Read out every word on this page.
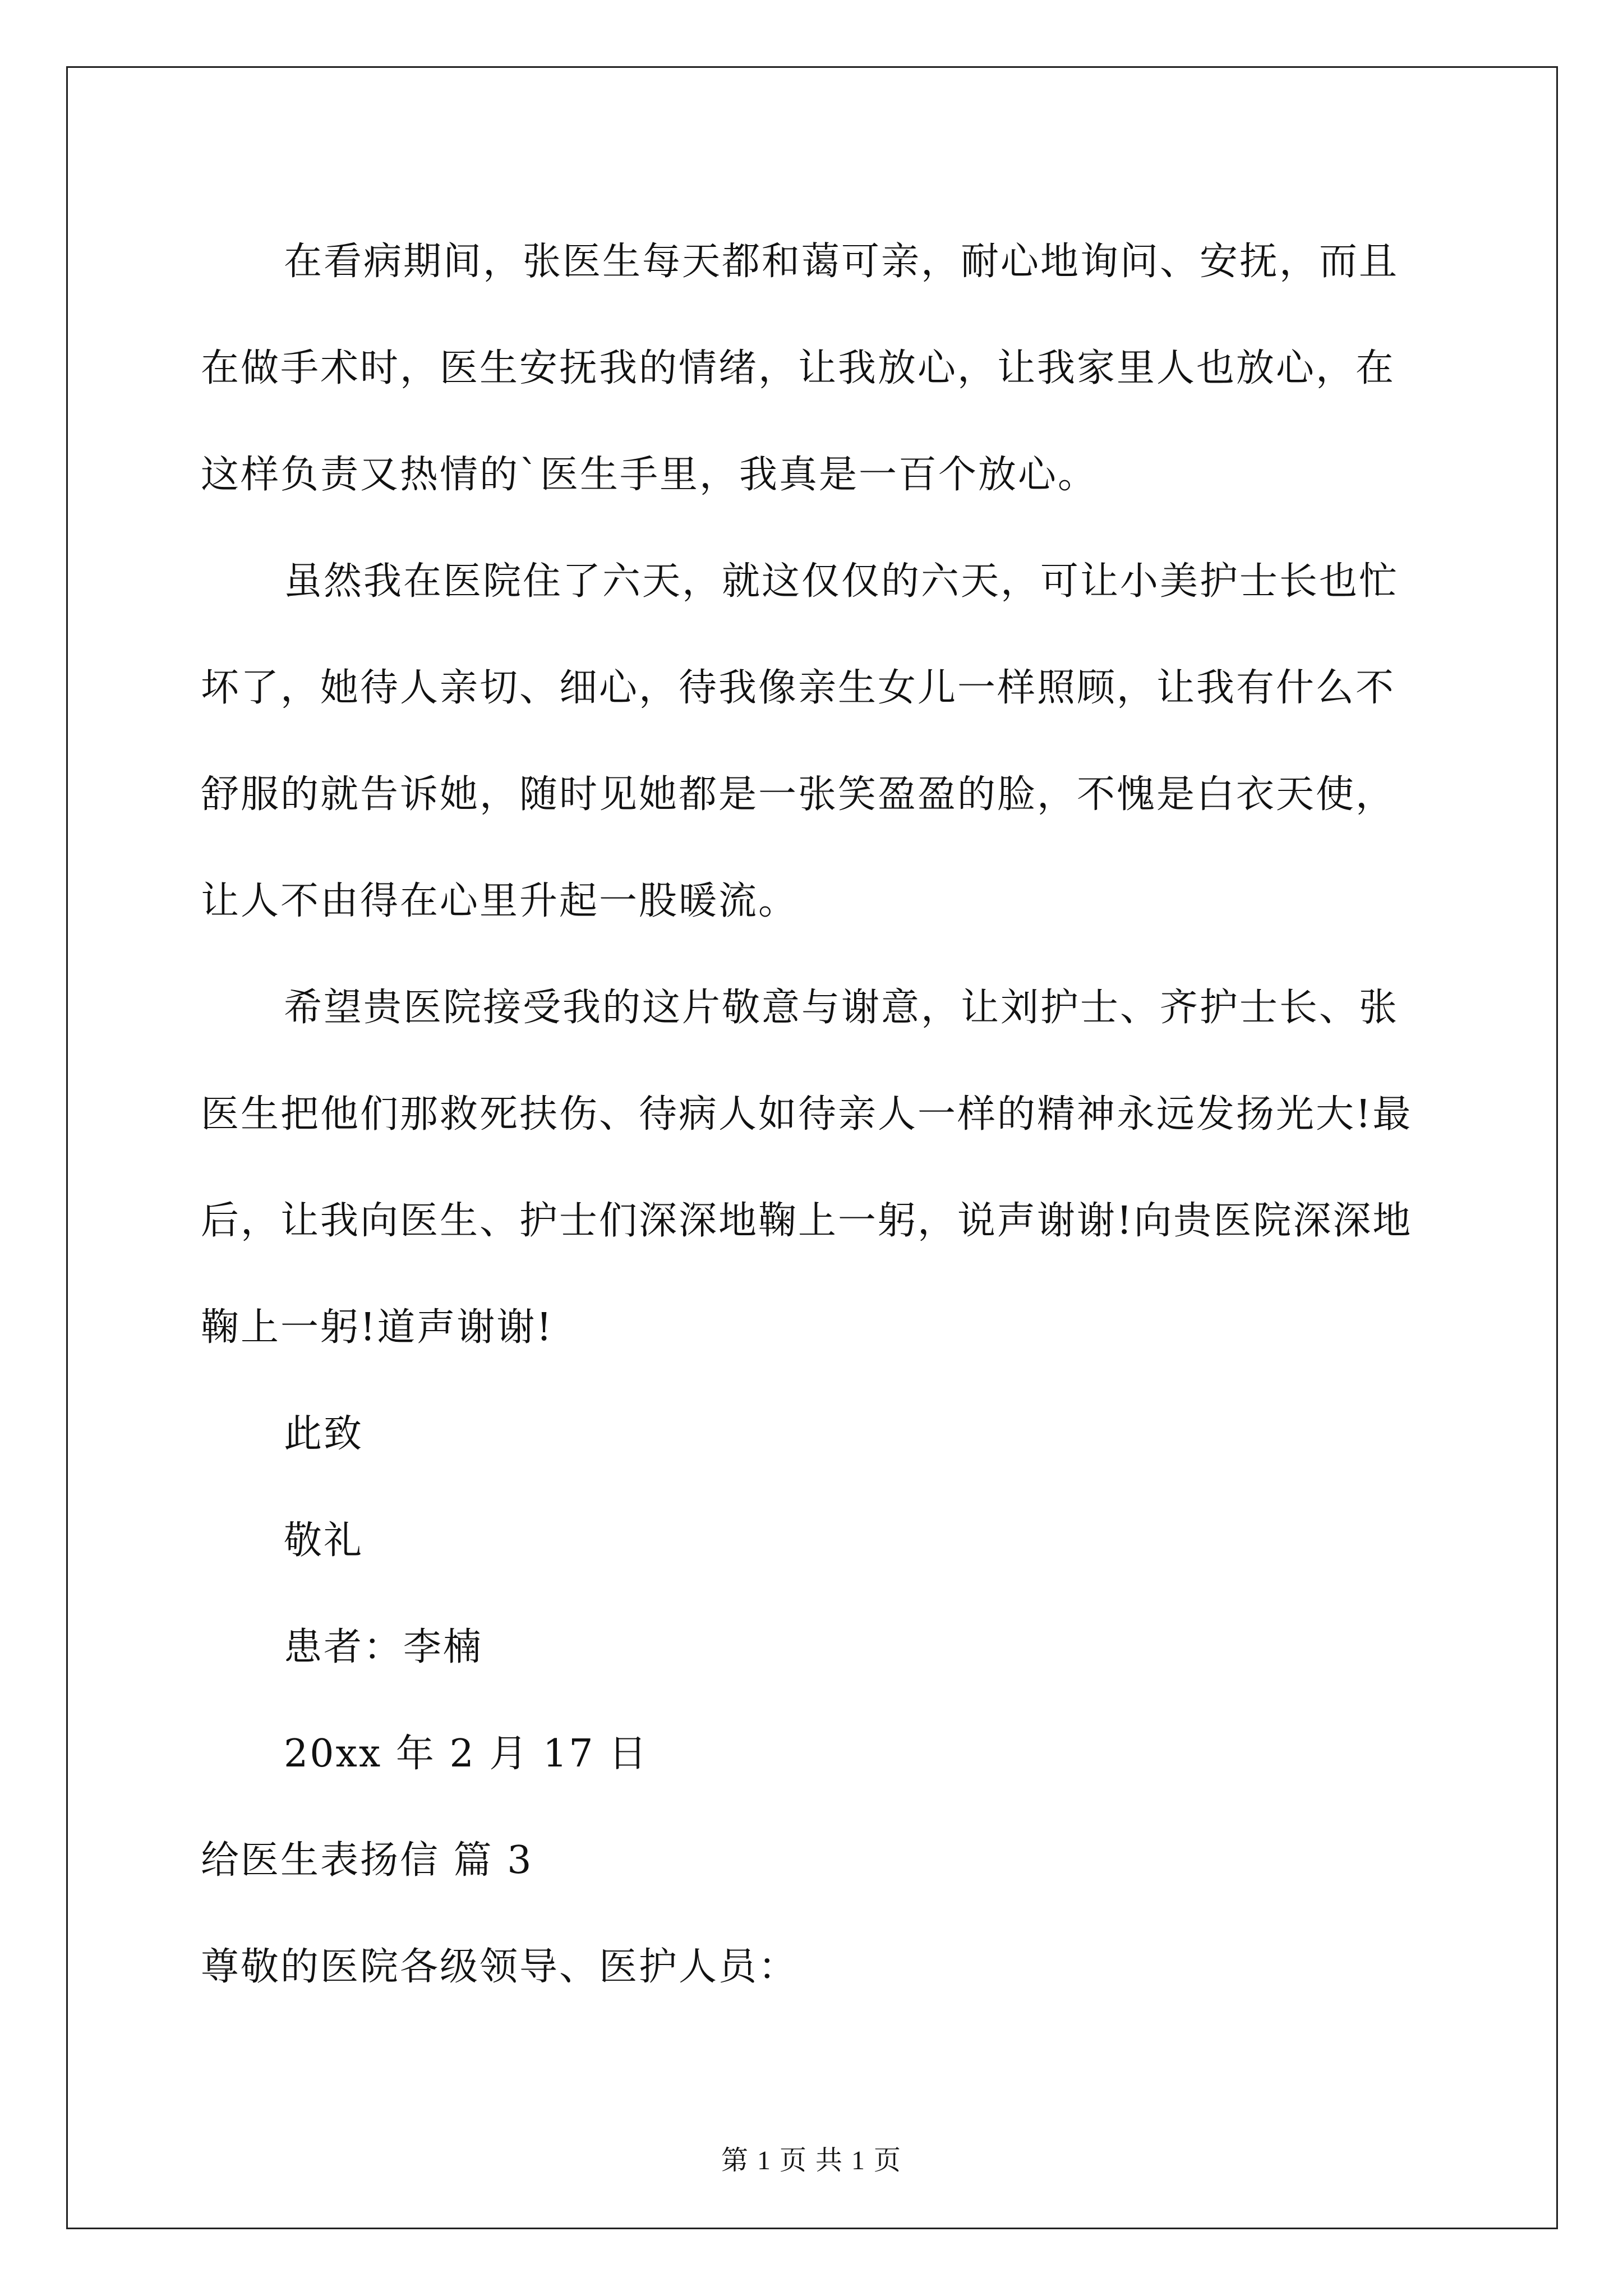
在看病期间，张医生每天都和蔼可亲，耐心地询问、安抚，而且在做手术时，医生安抚我的情绪，让我放心，让我家里人也放心，在这样负责又热情的`医生手里，我真是一百个放心。

虽然我在医院住了六天，就这仅仅的六天，可让小美护士长也忙坏了，她待人亲切、细心，待我像亲生女儿一样照顾，让我有什么不舒服的就告诉她，随时见她都是一张笑盈盈的脸，不愧是白衣天使，让人不由得在心里升起一股暖流。

希望贵医院接受我的这片敬意与谢意，让刘护士、齐护士长、张医生把他们那救死扶伤、待病人如待亲人一样的精神永远发扬光大!最后，让我向医生、护士们深深地鞠上一躬，说声谢谢!向贵医院深深地鞠上一躬!道声谢谢!

此致

敬礼

患者：李楠

20xx 年 2 月 17 日

给医生表扬信 篇 3

尊敬的医院各级领导、医护人员：

第 1 页 共 1 页
